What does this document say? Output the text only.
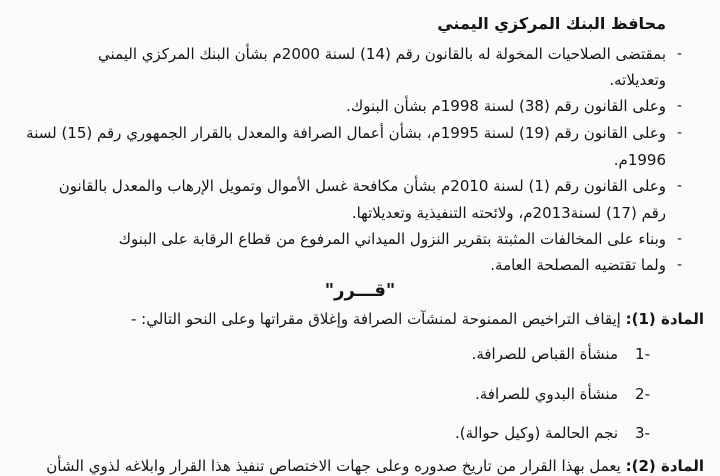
محافظ البنك المركزي اليمني
-
بمقتضى الصلاحيات المخولة له بالقانون رقم (14) لسنة 2000م بشأن البنك المركزي اليمني
وتعديلاته.
-
وعلى القانون رقم (38) لسنة 1998م بشأن البنوك.
-
وعلى القانون رقم (19) لسنة 1995م، بشأن أعمال الصرافة والمعدل بالقرار الجمهوري رقم (15) لسنة
1996م.
-
وعلى القانون رقم (1) لسنة 2010م بشأن مكافحة غسل الأموال وتمويل الإرهاب والمعدل بالقانون
رقم (17) لسنة2013م، ولائحته التنفيذية وتعديلاتها.
-
وبناء على المخالفات المثبتة بتقرير النزول الميداني المرفوع من قطاع الرقابة على البنوك
-
ولما تقتضيه المصلحة العامة.
"قـــرر"
المادة (1): إيقاف التراخيص الممنوحة لمنشآت الصرافة وإغلاق مقراتها وعلى النحو التالي: -
-1
منشأة القباص للصرافة.
-2
منشأة البدوي للصرافة.
-3
نجم الحالمة (وكيل حوالة).
المادة (2): يعمل بهذا القرار من تاريخ صدوره وعلى جهات الاختصاص تنفيذ هذا القرار وابلاغه لذوي الشأن
